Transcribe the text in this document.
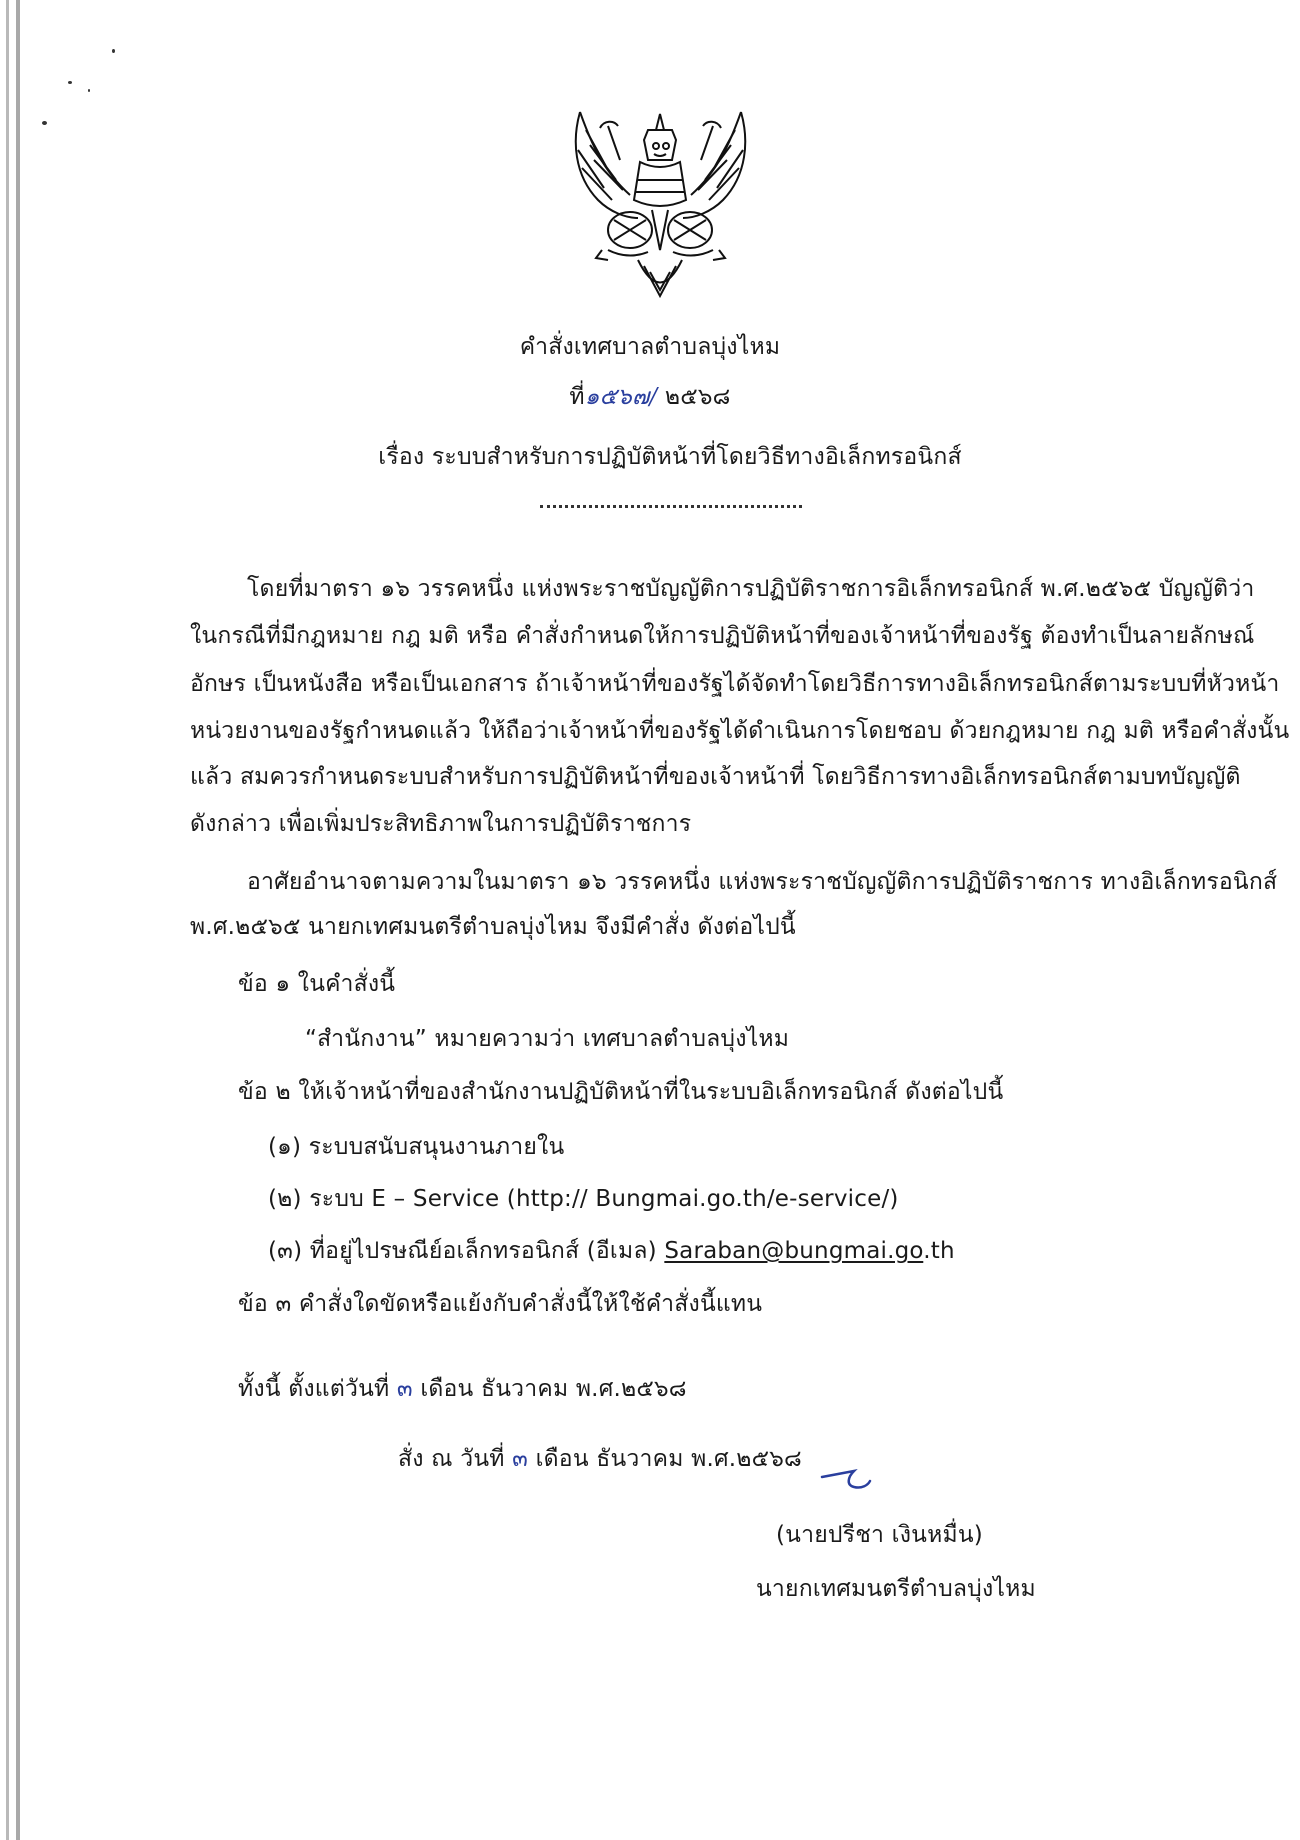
คำสั่งเทศบาลตำบลบุ่งไหม
ที่๑๕๖๗/ ๒๕๖๘
เรื่อง ระบบสำหรับการปฏิบัติหน้าที่โดยวิธีทางอิเล็กทรอนิกส์
โดยที่มาตรา ๑๖ วรรคหนึ่ง แห่งพระราชบัญญัติการปฏิบัติราชการอิเล็กทรอนิกส์ พ.ศ.๒๕๖๕ บัญญัติว่า
ในกรณีที่มีกฎหมาย กฎ มติ หรือ คำสั่งกำหนดให้การปฏิบัติหน้าที่ของเจ้าหน้าที่ของรัฐ ต้องทำเป็นลายลักษณ์
อักษร เป็นหนังสือ หรือเป็นเอกสาร ถ้าเจ้าหน้าที่ของรัฐได้จัดทำโดยวิธีการทางอิเล็กทรอนิกส์ตามระบบที่หัวหน้า
หน่วยงานของรัฐกำหนดแล้ว ให้ถือว่าเจ้าหน้าที่ของรัฐได้ดำเนินการโดยชอบ ด้วยกฎหมาย กฎ มติ หรือคำสั่งนั้น
แล้ว สมควรกำหนดระบบสำหรับการปฏิบัติหน้าที่ของเจ้าหน้าที่ โดยวิธีการทางอิเล็กทรอนิกส์ตามบทบัญญัติ
ดังกล่าว เพื่อเพิ่มประสิทธิภาพในการปฏิบัติราชการ
อาศัยอำนาจตามความในมาตรา ๑๖ วรรคหนึ่ง แห่งพระราชบัญญัติการปฏิบัติราชการ ทางอิเล็กทรอนิกส์
พ.ศ.๒๕๖๕ นายกเทศมนตรีตำบลบุ่งไหม จึงมีคำสั่ง ดังต่อไปนี้
ข้อ ๑ ในคำสั่งนี้
“สำนักงาน” หมายความว่า เทศบาลตำบลบุ่งไหม
ข้อ ๒ ให้เจ้าหน้าที่ของสำนักงานปฏิบัติหน้าที่ในระบบอิเล็กทรอนิกส์ ดังต่อไปนี้
(๑) ระบบสนับสนุนงานภายใน
(๒) ระบบ E – Service (http:// Bungmai.go.th/e-service/)
(๓) ที่อยู่ไปรษณีย์อเล็กทรอนิกส์ (อีเมล) Saraban@bungmai.go.th
ข้อ ๓ คำสั่งใดขัดหรือแย้งกับคำสั่งนี้ให้ใช้คำสั่งนี้แทน
ทั้งนี้ ตั้งแต่วันที่ ๓ เดือน ธันวาคม พ.ศ.๒๕๖๘
สั่ง ณ วันที่ ๓ เดือน ธันวาคม พ.ศ.๒๕๖๘
(นายปรีชา เงินหมื่น)
นายกเทศมนตรีตำบลบุ่งไหม
